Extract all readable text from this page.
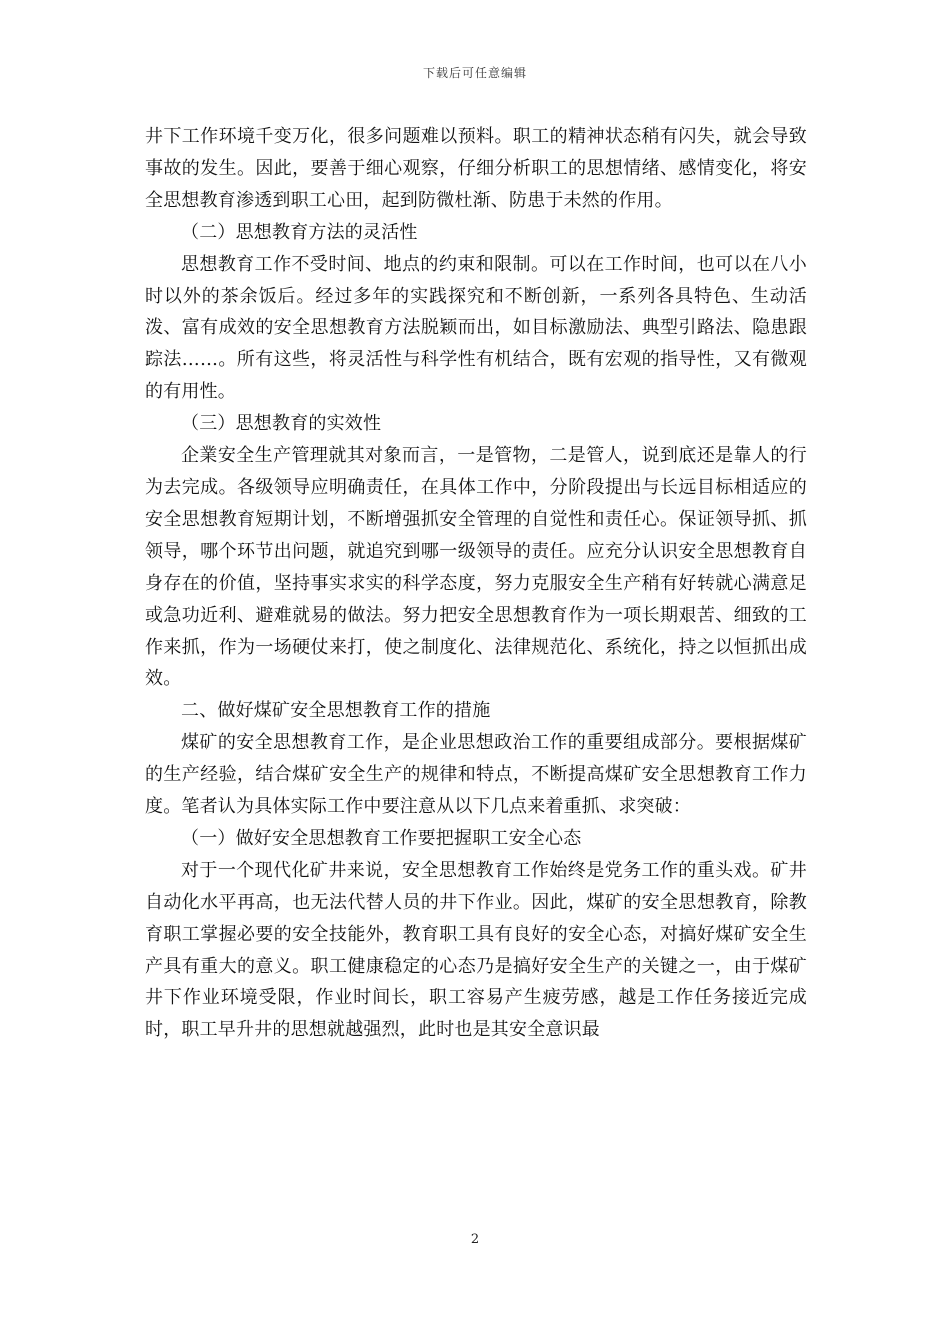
下载后可任意编辑

井下工作环境千变万化，很多问题难以预料。职工的精神状态稍有闪失，就会导致事故的发生。因此，要善于细心观察，仔细分析职工的思想情绪、感情变化，将安全思想教育渗透到职工心田，起到防微杜渐、防患于未然的作用。

（二）思想教育方法的灵活性

思想教育工作不受时间、地点的约束和限制。可以在工作时间，也可以在八小时以外的茶余饭后。经过多年的实践探究和不断创新，一系列各具特色、生动活泼、富有成效的安全思想教育方法脱颖而出，如目标激励法、典型引路法、隐患跟踪法……。所有这些，将灵活性与科学性有机结合，既有宏观的指导性，又有微观的有用性。

（三）思想教育的实效性

企業安全生产管理就其对象而言，一是管物，二是管人，说到底还是靠人的行为去完成。各级领导应明确责任，在具体工作中，分阶段提出与长远目标相适应的安全思想教育短期计划，不断增强抓安全管理的自觉性和责任心。保证领导抓、抓领导，哪个环节出问题，就追究到哪一级领导的责任。应充分认识安全思想教育自身存在的价值，坚持事实求实的科学态度，努力克服安全生产稍有好转就心满意足或急功近利、避难就易的做法。努力把安全思想教育作为一项长期艰苦、细致的工作来抓，作为一场硬仗来打，使之制度化、法律规范化、系统化，持之以恒抓出成效。

二、做好煤矿安全思想教育工作的措施

煤矿的安全思想教育工作，是企业思想政治工作的重要组成部分。要根据煤矿的生产经验，结合煤矿安全生产的规律和特点，不断提高煤矿安全思想教育工作力度。笔者认为具体实际工作中要注意从以下几点来着重抓、求突破：

（一）做好安全思想教育工作要把握职工安全心态

对于一个现代化矿井来说，安全思想教育工作始终是党务工作的重头戏。矿井自动化水平再高，也无法代替人员的井下作业。因此，煤矿的安全思想教育，除教育职工掌握必要的安全技能外，教育职工具有良好的安全心态，对搞好煤矿安全生产具有重大的意义。职工健康稳定的心态乃是搞好安全生产的关键之一，由于煤矿井下作业环境受限，作业时间长，职工容易产生疲劳感，越是工作任务接近完成时，职工早升井的思想就越强烈，此时也是其安全意识最

2
